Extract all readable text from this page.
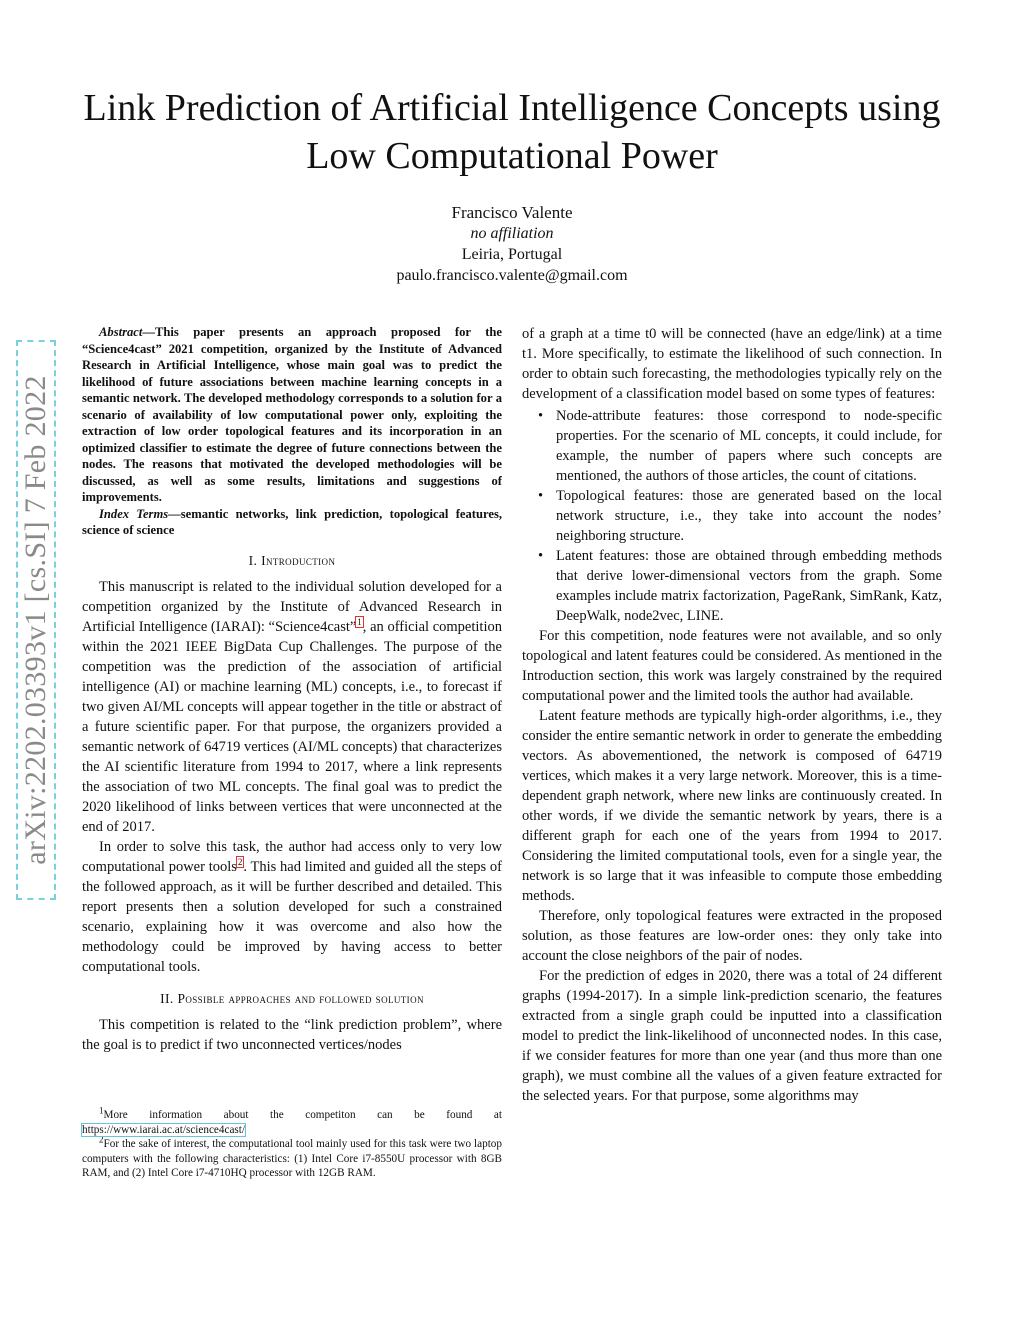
arXiv:2202.03393v1 [cs.SI] 7 Feb 2022
Link Prediction of Artificial Intelligence Concepts using Low Computational Power
Francisco Valente
no affiliation
Leiria, Portugal
paulo.francisco.valente@gmail.com

Abstract—This paper presents an approach proposed for the “Science4cast” 2021 competition, organized by the Institute of Advanced Research in Artificial Intelligence, whose main goal was to predict the likelihood of future associations between machine learning concepts in a semantic network. The developed methodology corresponds to a solution for a scenario of availability of low computational power only, exploiting the extraction of low order topological features and its incorporation in an optimized classifier to estimate the degree of future connections between the nodes. The reasons that motivated the developed methodologies will be discussed, as well as some results, limitations and suggestions of improvements.

Index Terms—semantic networks, link prediction, topological features, science of science

I. Introduction

This manuscript is related to the individual solution developed for a competition organized by the Institute of Advanced Research in Artificial Intelligence (IARAI): “Science4cast”$^1$, an official competition within the 2021 IEEE BigData Cup Challenges. The purpose of the competition was the prediction of the association of artificial intelligence (AI) or machine learning (ML) concepts, i.e., to forecast if two given AI/ML concepts will appear together in the title or abstract of a future scientific paper. For that purpose, the organizers provided a semantic network of 64719 vertices (AI/ML concepts) that characterizes the AI scientific literature from 1994 to 2017, where a link represents the association of two ML concepts. The final goal was to predict the 2020 likelihood of links between vertices that were unconnected at the end of 2017.

In order to solve this task, the author had access only to very low computational power tools$^2$. This had limited and guided all the steps of the followed approach, as it will be further described and detailed. This report presents then a solution developed for such a constrained scenario, explaining how it was overcome and also how the methodology could be improved by having access to better computational tools.

II. Possible approaches and followed solution

This competition is related to the “link prediction problem”, where the goal is to predict if two unconnected vertices/nodes

$^1$More information about the competiton can be found at https://www.iarai.ac.at/science4cast/

$^2$For the sake of interest, the computational tool mainly used for this task were two laptop computers with the following characteristics: (1) Intel Core i7-8550U processor with 8GB RAM, and (2) Intel Core i7-4710HQ processor with 12GB RAM.

of a graph at a time t0 will be connected (have an edge/link) at a time t1. More specifically, to estimate the likelihood of such connection. In order to obtain such forecasting, the methodologies typically rely on the development of a classification model based on some types of features:

• Node-attribute features: those correspond to node-specific properties. For the scenario of ML concepts, it could include, for example, the number of papers where such concepts are mentioned, the authors of those articles, the count of citations.
• Topological features: those are generated based on the local network structure, i.e., they take into account the nodes’ neighboring structure.
• Latent features: those are obtained through embedding methods that derive lower-dimensional vectors from the graph. Some examples include matrix factorization, PageRank, SimRank, Katz, DeepWalk, node2vec, LINE.

For this competition, node features were not available, and so only topological and latent features could be considered. As mentioned in the Introduction section, this work was largely constrained by the required computational power and the limited tools the author had available.

Latent feature methods are typically high-order algorithms, i.e., they consider the entire semantic network in order to generate the embedding vectors. As abovementioned, the network is composed of 64719 vertices, which makes it a very large network. Moreover, this is a time-dependent graph network, where new links are continuously created. In other words, if we divide the semantic network by years, there is a different graph for each one of the years from 1994 to 2017. Considering the limited computational tools, even for a single year, the network is so large that it was infeasible to compute those embedding methods.

Therefore, only topological features were extracted in the proposed solution, as those features are low-order ones: they only take into account the close neighbors of the pair of nodes.

For the prediction of edges in 2020, there was a total of 24 different graphs (1994-2017). In a simple link-prediction scenario, the features extracted from a single graph could be inputted into a classification model to predict the link-likelihood of unconnected nodes. In this case, if we consider features for more than one year (and thus more than one graph), we must combine all the values of a given feature extracted for the selected years. For that purpose, some algorithms may
